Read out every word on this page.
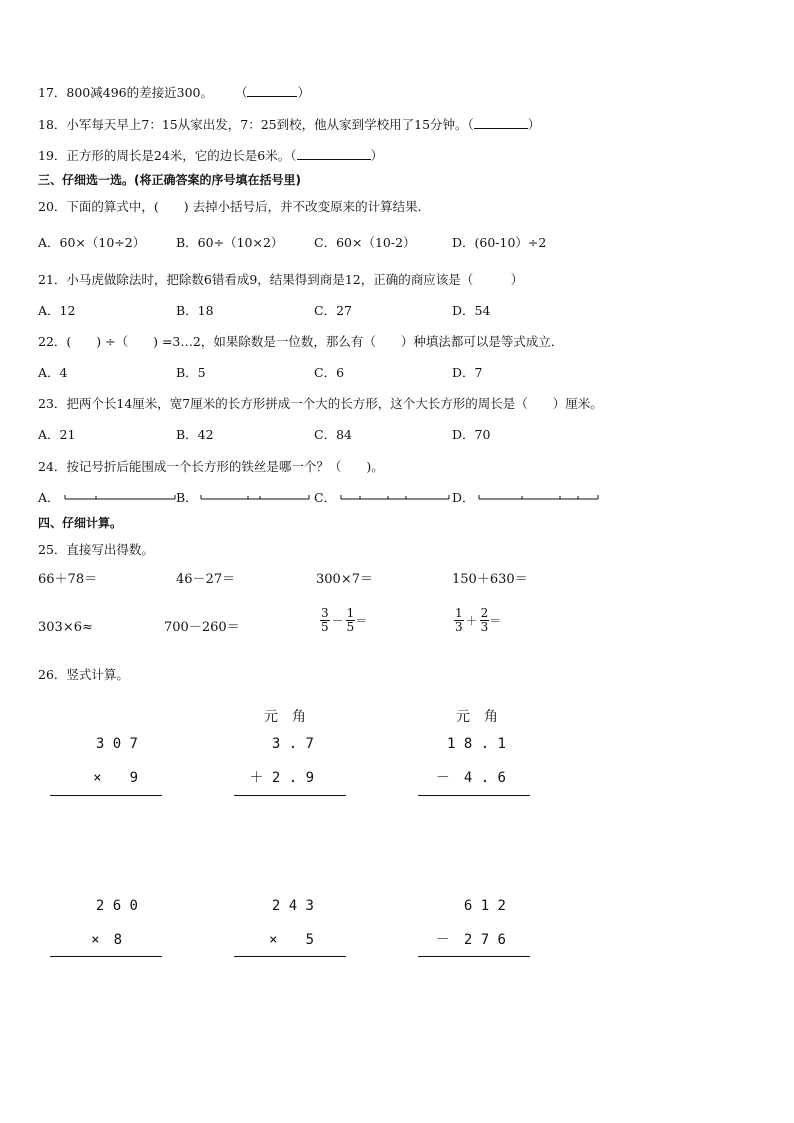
17．800减496的差接近300。 （	）
18．小军每天早上7：15从家出发，7：25到校，他从家到学校用了15分钟。（	）
19．正方形的周长是24米，它的边长是6米。（	）
三、仔细选一选。(将正确答案的序号填在括号里)
20．下面的算式中，(　　) 去掉小括号后，并不改变原来的计算结果．
A．60×（10÷2） B．60÷（10×2） C．60×（10-2）	D．(60-10）÷2
21．小马虎做除法时，把除数6错看成9，结果得到商是12，正确的商应该是（　　　）
A．12	B．18	C．27	D．54
22．(　　) ÷（　　) =3…2，如果除数是一位数，那么有（　　）种填法都可以是等式成立．
A．4	B．5	C．6	D．7
23．把两个长14厘米，宽7厘米的长方形拼成一个大的长方形，这个大长方形的周长是（　　）厘米。
A．21	B．42	C．84	D．70
24．按记号折后能围成一个长方形的铁丝是哪一个？（　　)。
A．	B．	C．	D．
四、仔细计算。
25．直接写出得数。
66＋78＝	46－27＝	300×7＝	150＋630＝
303×6≈	700－260＝	$\frac{3}{5} - \frac{1}{5}$ ＝	$\frac{1}{3} + \frac{2}{3}$ ＝
26．竖式计算。
元　角	元　角
3 0 7
×　　9
3 . 7
＋ 2 . 9
1 8 . 1
－　4 . 6
2 6 0
×　8
2 4 3
×　　5
6 1 2
－　2 7 6
